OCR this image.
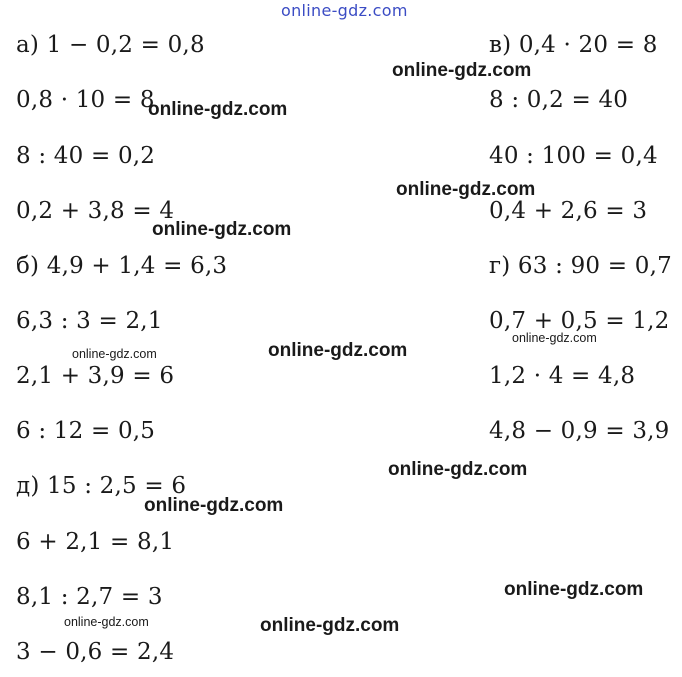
online-gdz.com
а) 1 − 0,2 = 0,8
0,8 · 10 = 8
8 : 40 = 0,2
0,2 + 3,8 = 4
б) 4,9 + 1,4 = 6,3
6,3 : 3 = 2,1
2,1 + 3,9 = 6
6 : 12 = 0,5
д) 15 : 2,5 = 6
6 + 2,1 = 8,1
8,1 : 2,7 = 3
3 − 0,6 = 2,4
в) 0,4 · 20 = 8
8 : 0,2 = 40
40 : 100 = 0,4
0,4 + 2,6 = 3
г) 63 : 90 = 0,7
0,7 + 0,5 = 1,2
1,2 · 4 = 4,8
4,8 − 0,9 = 3,9
online-gdz.com
online-gdz.com
online-gdz.com
online-gdz.com
online-gdz.com
online-gdz.com
online-gdz.com
online-gdz.com
online-gdz.com
online-gdz.com
online-gdz.com
online-gdz.com
